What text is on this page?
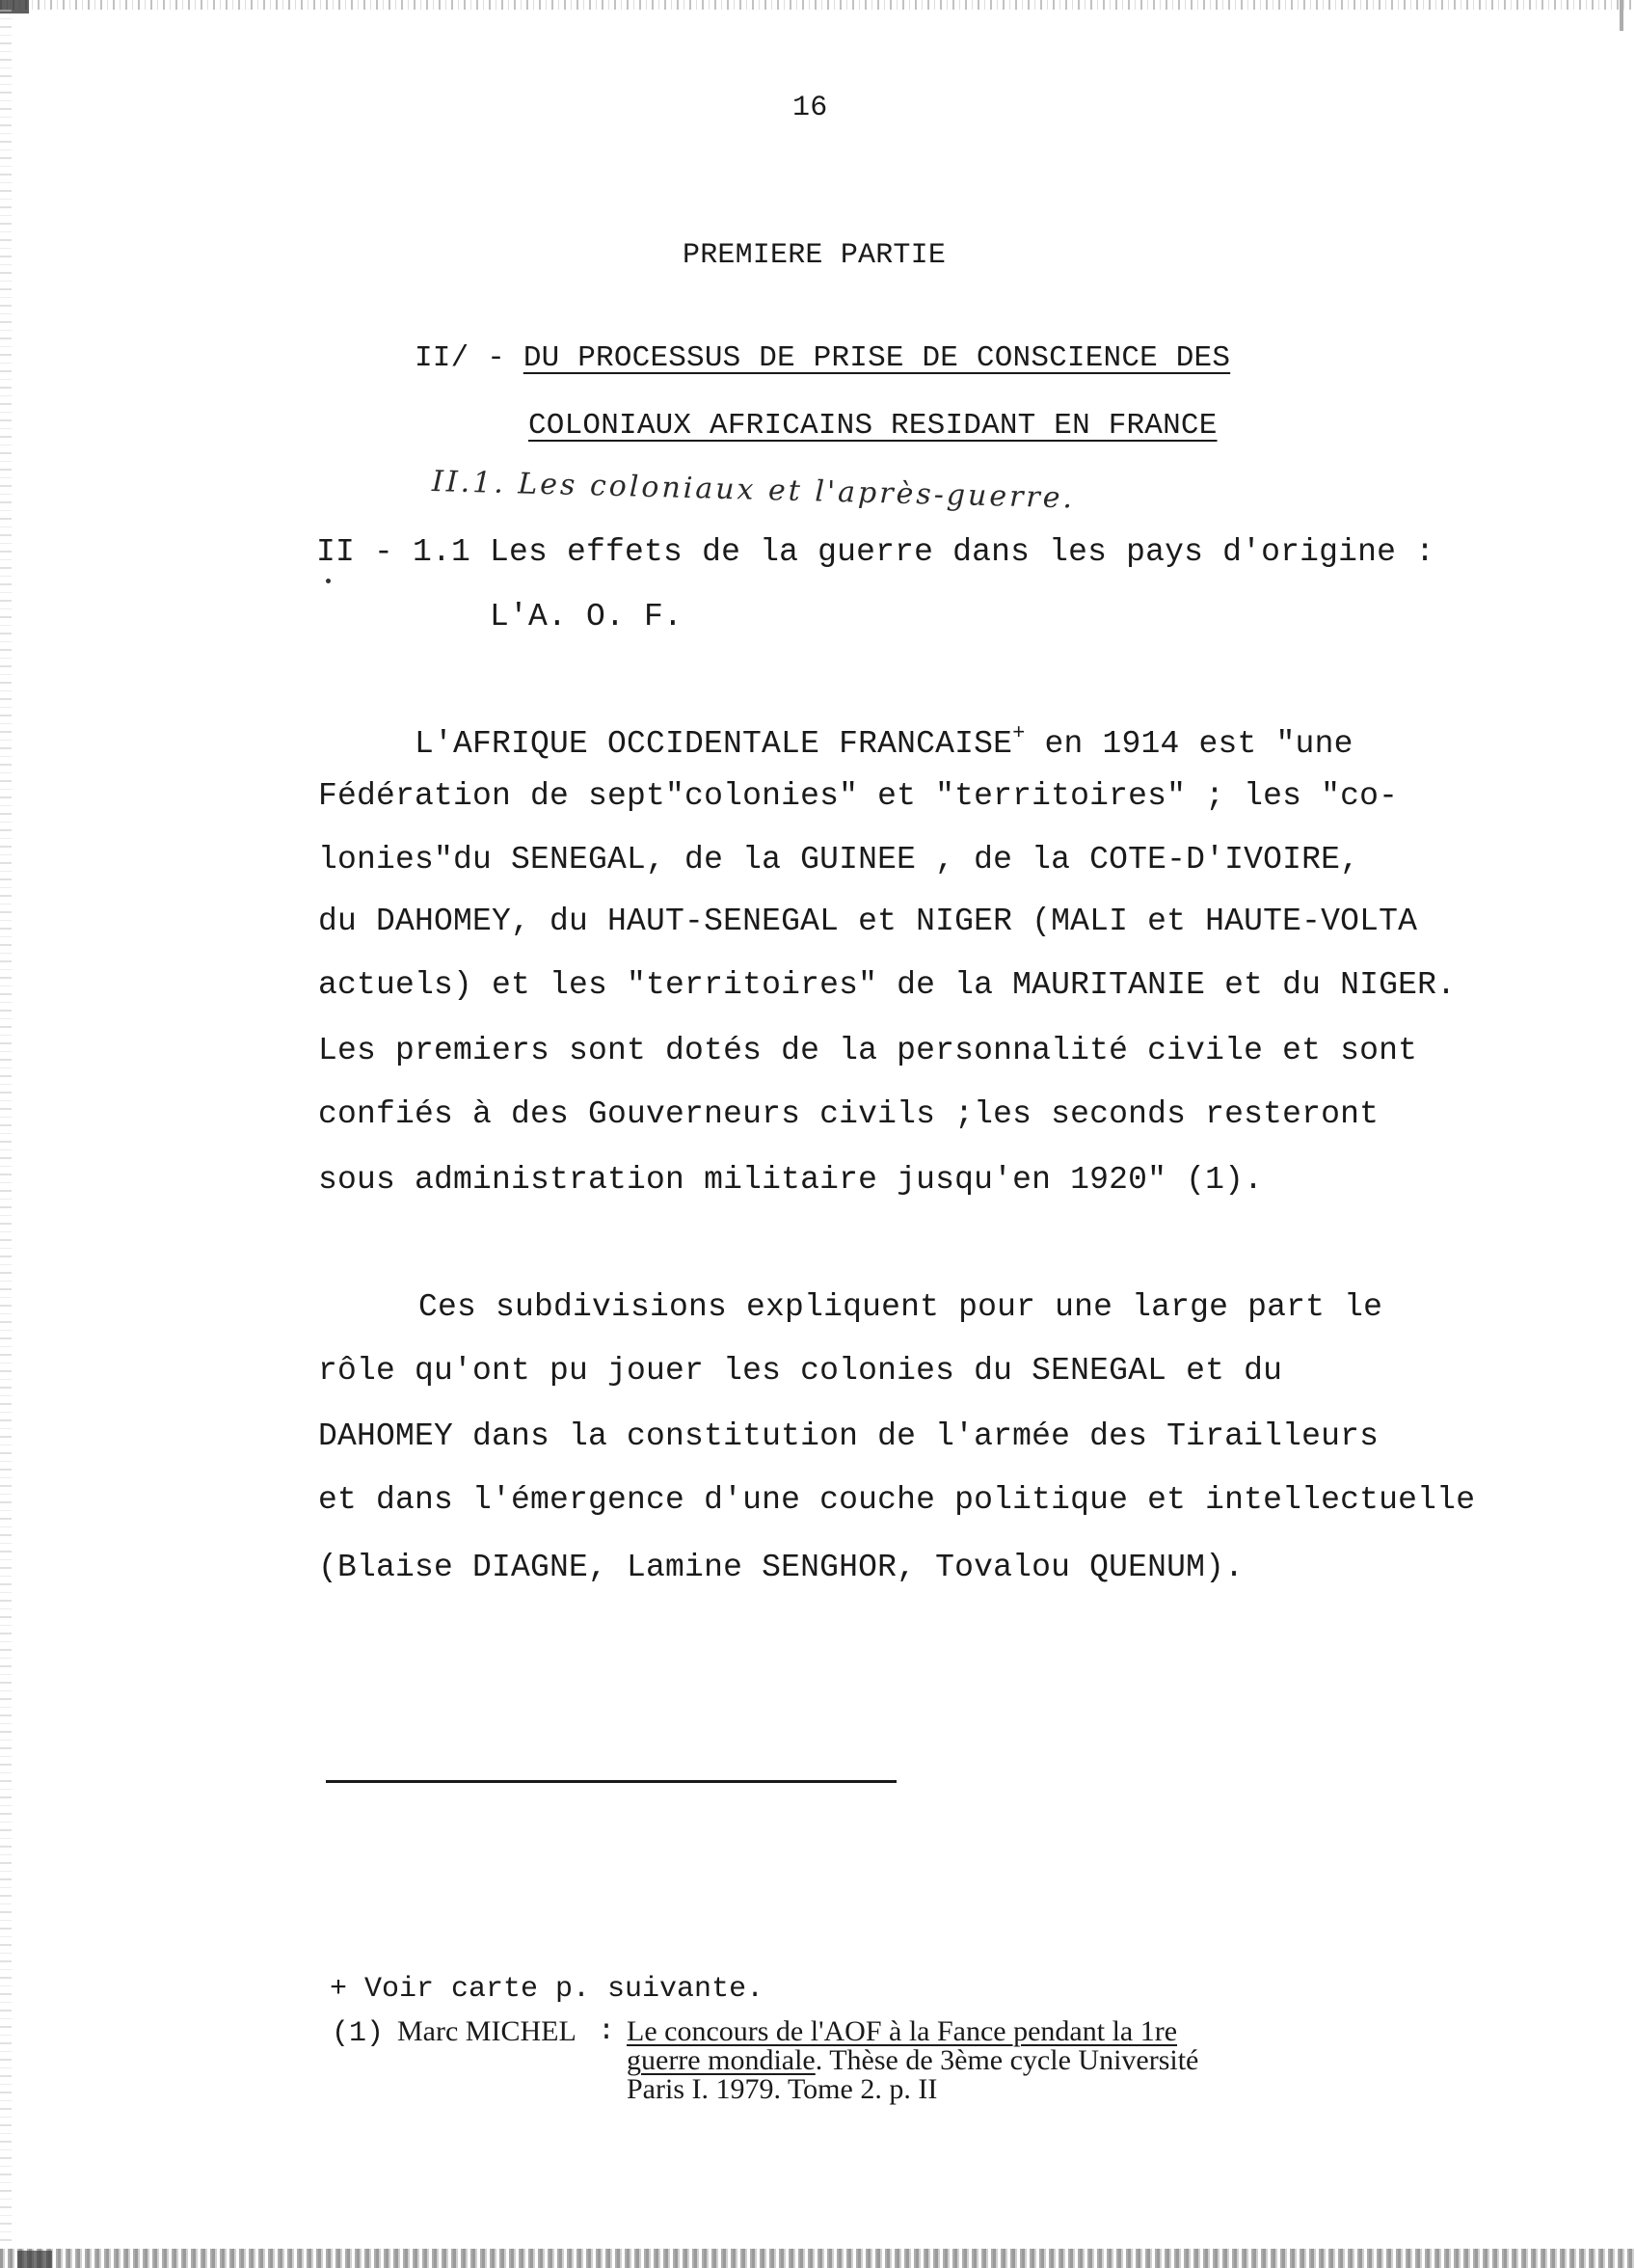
16
PREMIERE PARTIE
II/ - DU PROCESSUS DE PRISE DE CONSCIENCE DES
COLONIAUX AFRICAINS RESIDANT EN FRANCE
II.1. Les coloniaux et l'après-guerre.
II - 1.1 Les effets de la guerre dans les pays d'origine :
L'A. O. F.
L'AFRIQUE OCCIDENTALE FRANCAISE+ en 1914 est "une
Fédération de sept"colonies" et "territoires" ; les "co-
lonies"du SENEGAL, de la GUINEE , de la COTE-D'IVOIRE,
du DAHOMEY, du HAUT-SENEGAL et NIGER (MALI et HAUTE-VOLTA
actuels) et les "territoires" de la MAURITANIE et du NIGER.
Les premiers sont dotés de la personnalité civile et sont
confiés à des Gouverneurs civils ;les seconds resteront
sous administration militaire jusqu'en 1920" (1).
Ces subdivisions expliquent pour une large part le
rôle qu'ont pu jouer les colonies du SENEGAL et du
DAHOMEY dans la constitution de l'armée des Tirailleurs
et dans l'émergence d'une couche politique et intellectuelle
(Blaise DIAGNE, Lamine SENGHOR, Tovalou QUENUM).
+ Voir carte p. suivante.
(1) Marc MICHEL : Le concours de l'AOF à la Fance pendant la 1re
guerre mondiale. Thèse de 3ème cycle Université
Paris I. 1979. Tome 2. p. II
